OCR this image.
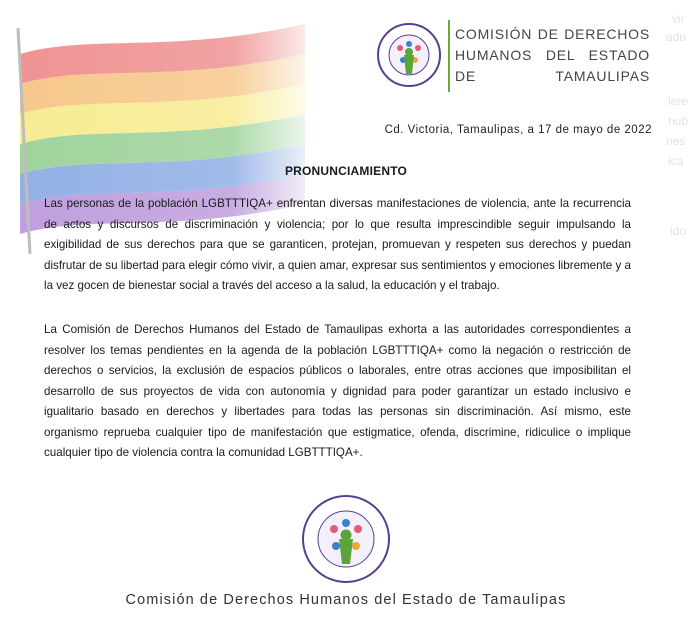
vir
ado
lere
hub
nes
ica
ido
COMISIÓN DE DERECHOS
HUMANOS DEL ESTADO
DE TAMAULIPAS
Cd. Victoria, Tamaulipas, a 17 de mayo de 2022
PRONUNCIAMIENTO

Las personas de la población LGBTTTIQA+ enfrentan diversas manifestaciones de violencia, ante la recurrencia de actos y discursos de discriminación y violencia; por lo que resulta imprescindible seguir impulsando la exigibilidad de sus derechos para que se garanticen, protejan, promuevan y respeten sus derechos y puedan disfrutar de su libertad para elegir cómo vivir, a quien amar, expresar sus sentimientos y emociones libremente y a la vez gocen de bienestar social a través del acceso a la salud, la educación y el trabajo.

La Comisión de Derechos Humanos del Estado de Tamaulipas exhorta a las autoridades correspondientes a resolver los temas pendientes en la agenda de la población LGBTTTIQA+ como la negación o restricción de derechos o servicios, la exclusión de espacios públicos o laborales, entre otras acciones que imposibilitan el desarrollo de sus proyectos de vida con autonomía y dignidad para poder garantizar un estado inclusivo e igualitario basado en derechos y libertades para todas las personas sin discriminación. Así mismo, este organismo reprueba cualquier tipo de manifestación que estigmatice, ofenda, discrimine, ridiculice o implique cualquier tipo de violencia contra la comunidad LGBTTTIQA+.

Comisión de Derechos Humanos del Estado de Tamaulipas
